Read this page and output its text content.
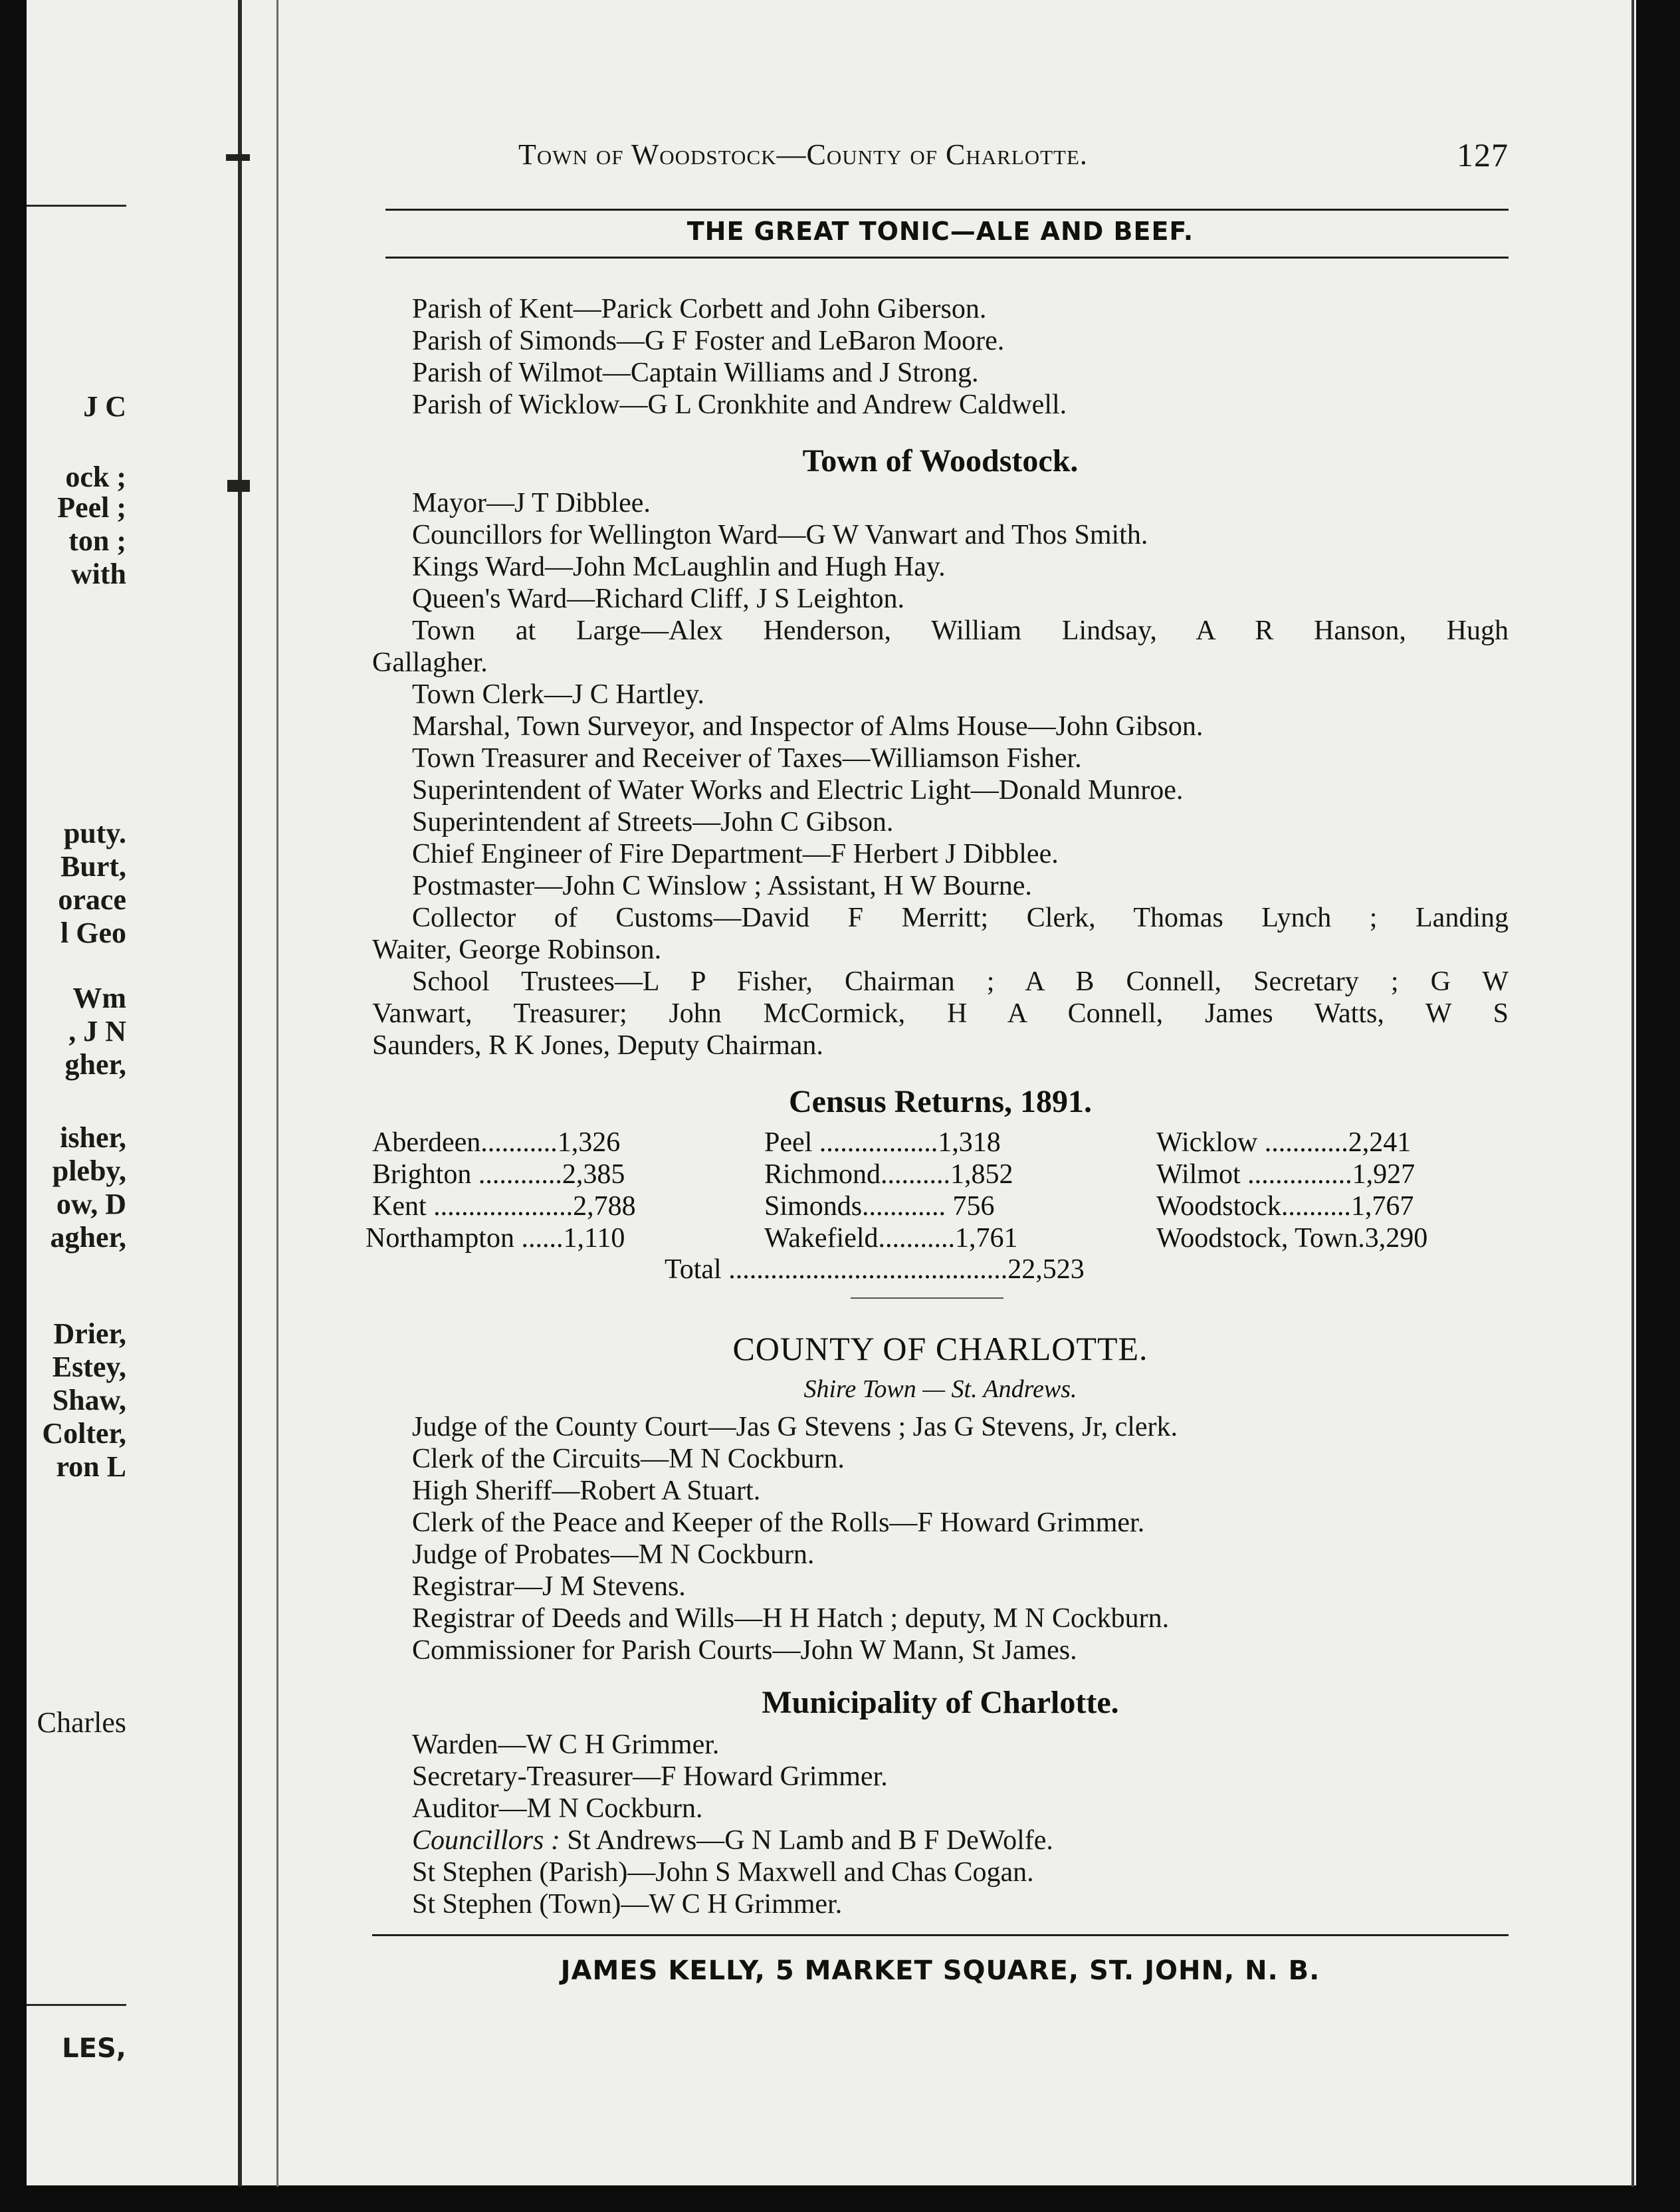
J C
ock ;
Peel ;
ton ;
with
puty.
Burt,
orace
l Geo
Wm
, J N
gher,
isher,
pleby,
ow, D
agher,
Drier,
Estey,
Shaw,
Colter,
ron L
Charles
LES,
Town of Woodstock—County of Charlotte.	127
THE GREAT TONIC—ALE AND BEEF.
Parish of Kent—Parick Corbett and John Giberson.
Parish of Simonds—G F Foster and LeBaron Moore.
Parish of Wilmot—Captain Williams and J Strong.
Parish of Wicklow—G L Cronkhite and Andrew Caldwell.
Town of Woodstock.
Mayor—J T Dibblee.
Councillors for Wellington Ward—G W Vanwart and Thos Smith.
Kings Ward—John McLaughlin and Hugh Hay.
Queen's Ward—Richard Cliff, J S Leighton.
Town at Large—Alex Henderson, William Lindsay, A R Hanson, Hugh
Gallagher.
Town Clerk—J C Hartley.
Marshal, Town Surveyor, and Inspector of Alms House—John Gibson.
Town Treasurer and Receiver of Taxes—Williamson Fisher.
Superintendent of Water Works and Electric Light—Donald Munroe.
Superintendent af Streets—John C Gibson.
Chief Engineer of Fire Department—F Herbert J Dibblee.
Postmaster—John C Winslow ; Assistant, H W Bourne.
Collector of Customs—David F Merritt; Clerk, Thomas Lynch ; Landing
Waiter, George Robinson.
School Trustees—L P Fisher, Chairman ; A B Connell, Secretary ; G W
Vanwart, Treasurer; John McCormick, H A Connell, James Watts, W S
Saunders, R K Jones, Deputy Chairman.
Census Returns, 1891.
Aberdeen...........1,326	Peel .................1,318	Wicklow ............2,241
Brighton ............2,385	Richmond..........1,852	Wilmot ...............1,927
Kent ....................2,788	Simonds............ 756	Woodstock..........1,767
Northampton ......1,110	Wakefield...........1,761	Woodstock, Town.3,290
Total ........................................22,523
COUNTY OF CHARLOTTE.
Shire Town — St. Andrews.
Judge of the County Court—Jas G Stevens ; Jas G Stevens, Jr, clerk.
Clerk of the Circuits—M N Cockburn.
High Sheriff—Robert A Stuart.
Clerk of the Peace and Keeper of the Rolls—F Howard Grimmer.
Judge of Probates—M N Cockburn.
Registrar—J M Stevens.
Registrar of Deeds and Wills—H H Hatch ; deputy, M N Cockburn.
Commissioner for Parish Courts—John W Mann, St James.
Municipality of Charlotte.
Warden—W C H Grimmer.
Secretary-Treasurer—F Howard Grimmer.
Auditor—M N Cockburn.
Councillors : St Andrews—G N Lamb and B F DeWolfe.
St Stephen (Parish)—John S Maxwell and Chas Cogan.
St Stephen (Town)—W C H Grimmer.
JAMES KELLY, 5 MARKET SQUARE, ST. JOHN, N. B.
